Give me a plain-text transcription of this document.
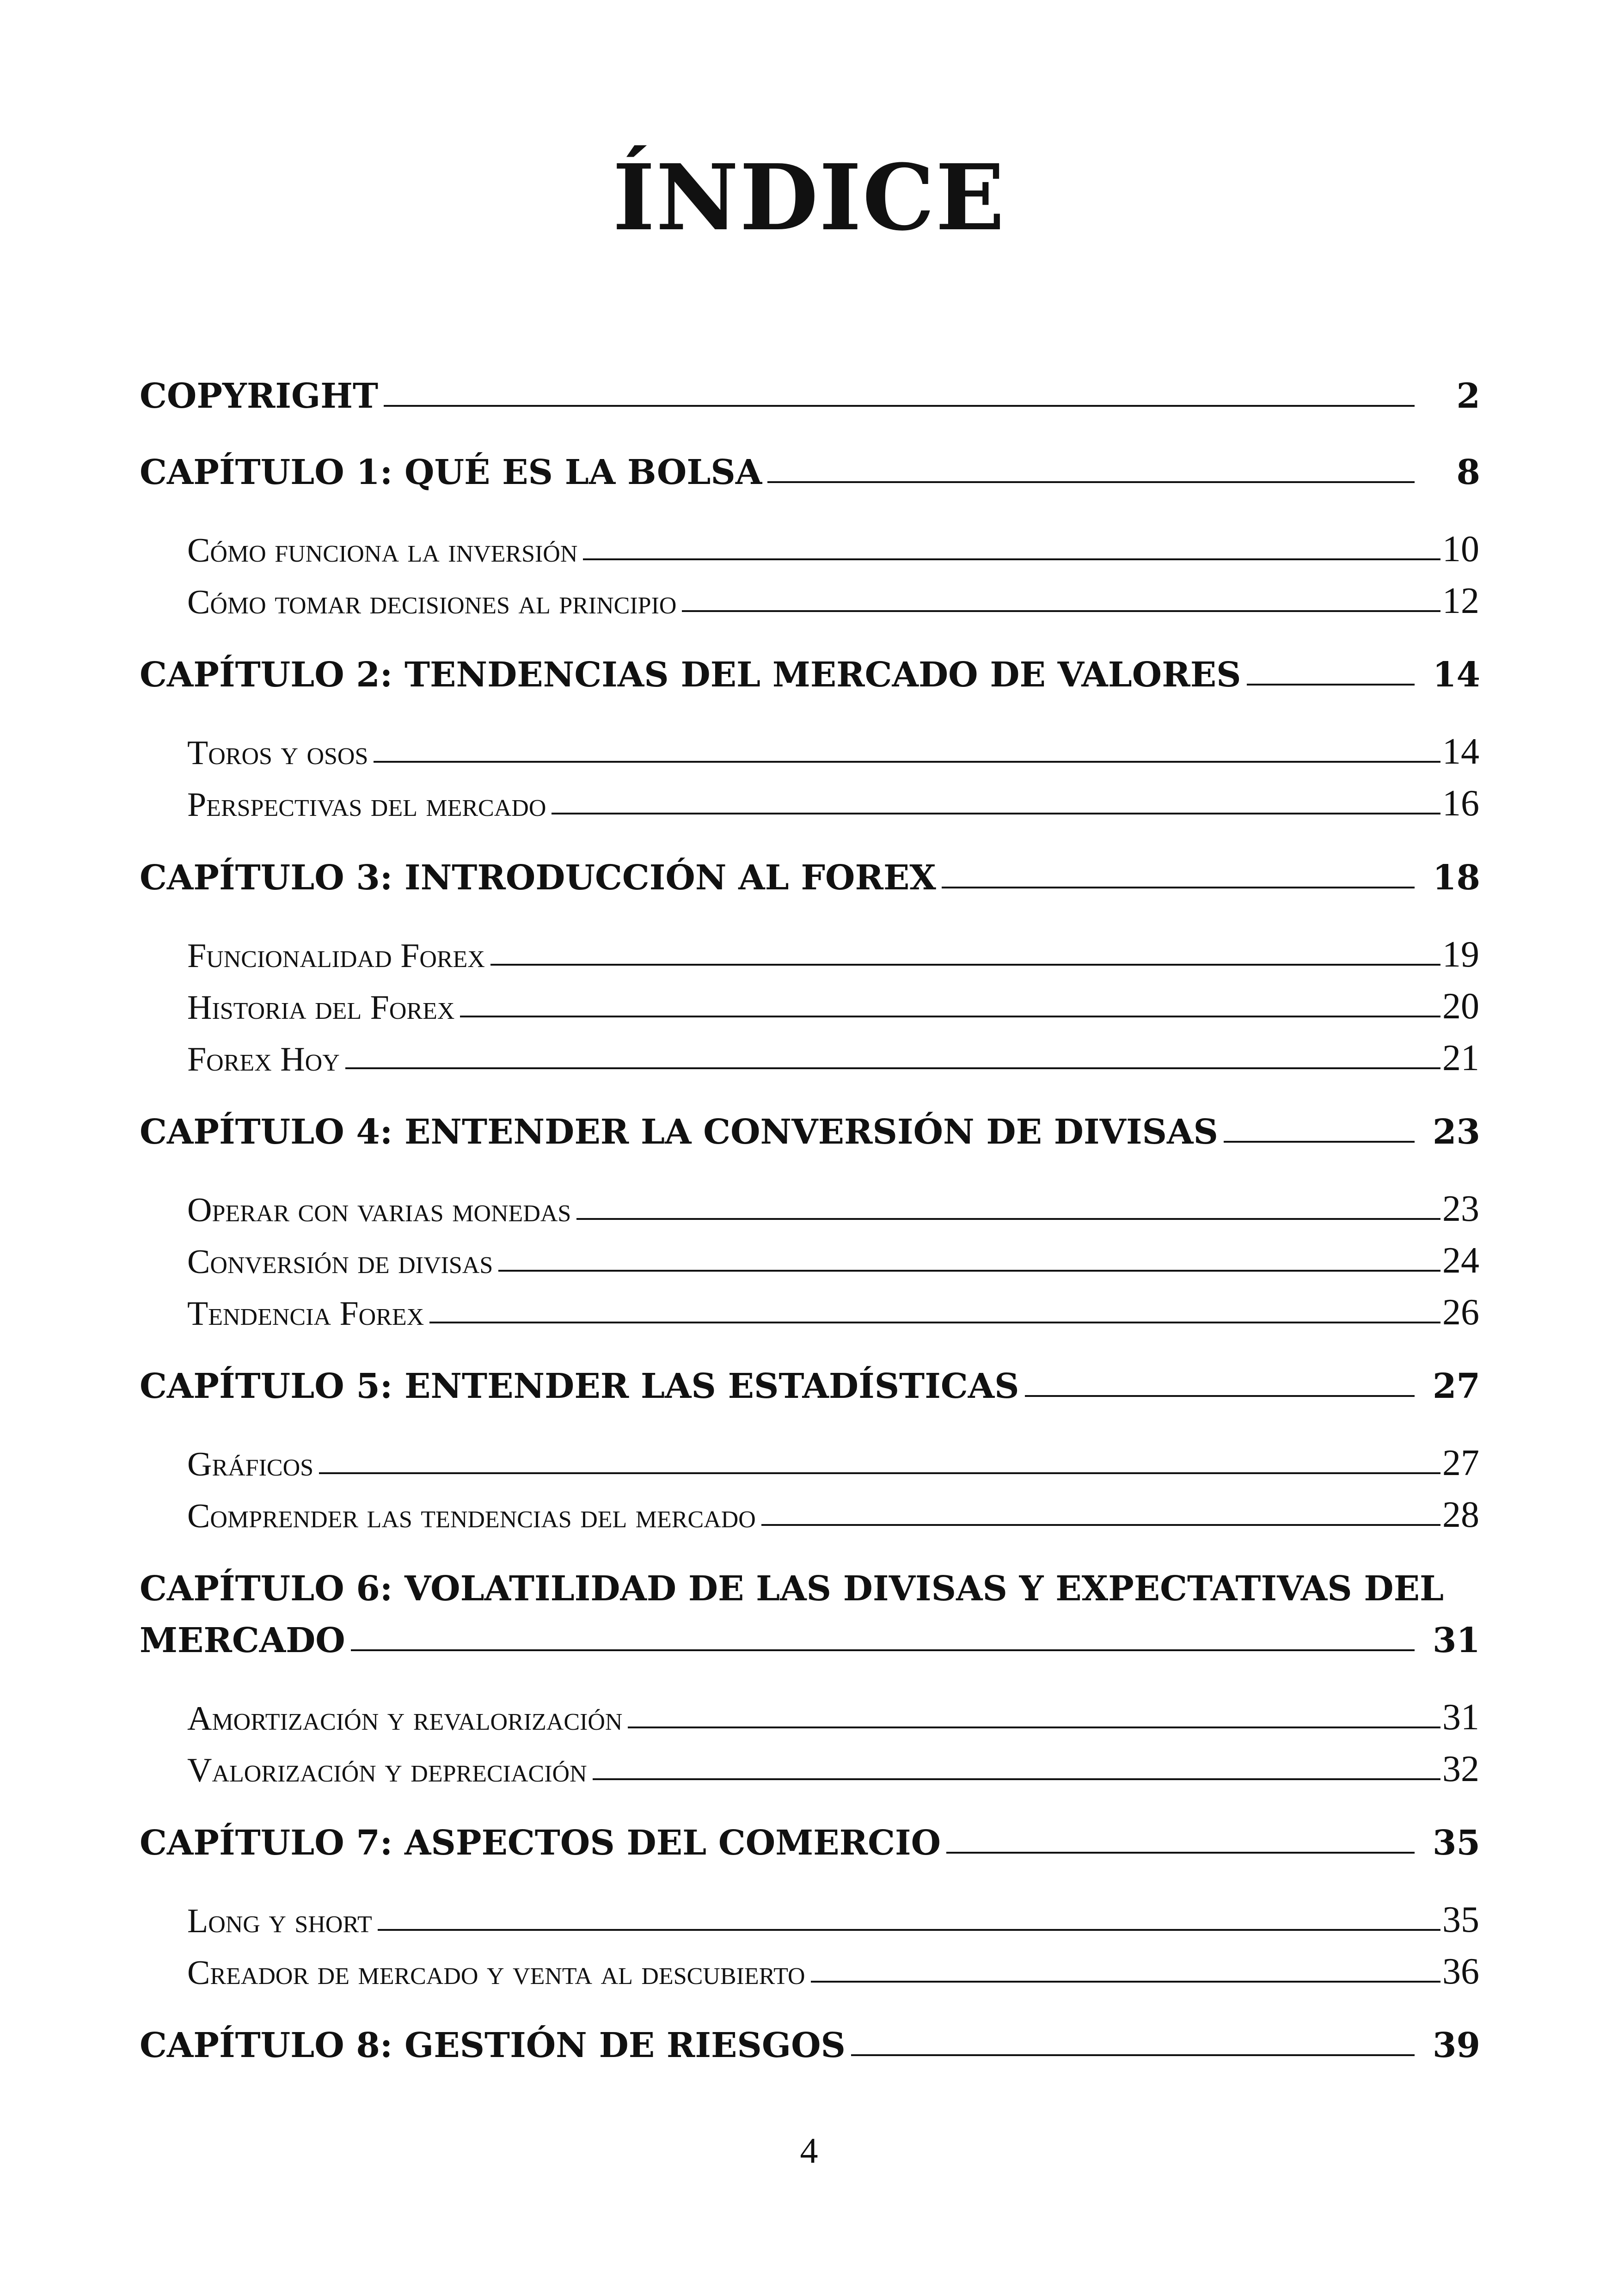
ÍNDICE
COPYRIGHT	2
CAPÍTULO 1: QUÉ ES LA BOLSA	8
Cómo funciona la inversión	10
Cómo tomar decisiones al principio	12
CAPÍTULO 2: TENDENCIAS DEL MERCADO DE VALORES	14
Toros y osos	14
Perspectivas del mercado	16
CAPÍTULO 3: INTRODUCCIÓN AL FOREX	18
Funcionalidad Forex	19
Historia del Forex	20
Forex Hoy	21
CAPÍTULO 4: ENTENDER LA CONVERSIÓN DE DIVISAS	23
Operar con varias monedas	23
Conversión de divisas	24
Tendencia Forex	26
CAPÍTULO 5: ENTENDER LAS ESTADÍSTICAS	27
Gráficos	27
Comprender las tendencias del mercado	28
CAPÍTULO 6: VOLATILIDAD DE LAS DIVISAS Y EXPECTATIVAS DEL
MERCADO	31
Amortización y revalorización	31
Valorización y depreciación	32
CAPÍTULO 7: ASPECTOS DEL COMERCIO	35
Long y short	35
Creador de mercado y venta al descubierto	36
CAPÍTULO 8: GESTIÓN DE RIESGOS	39
4
